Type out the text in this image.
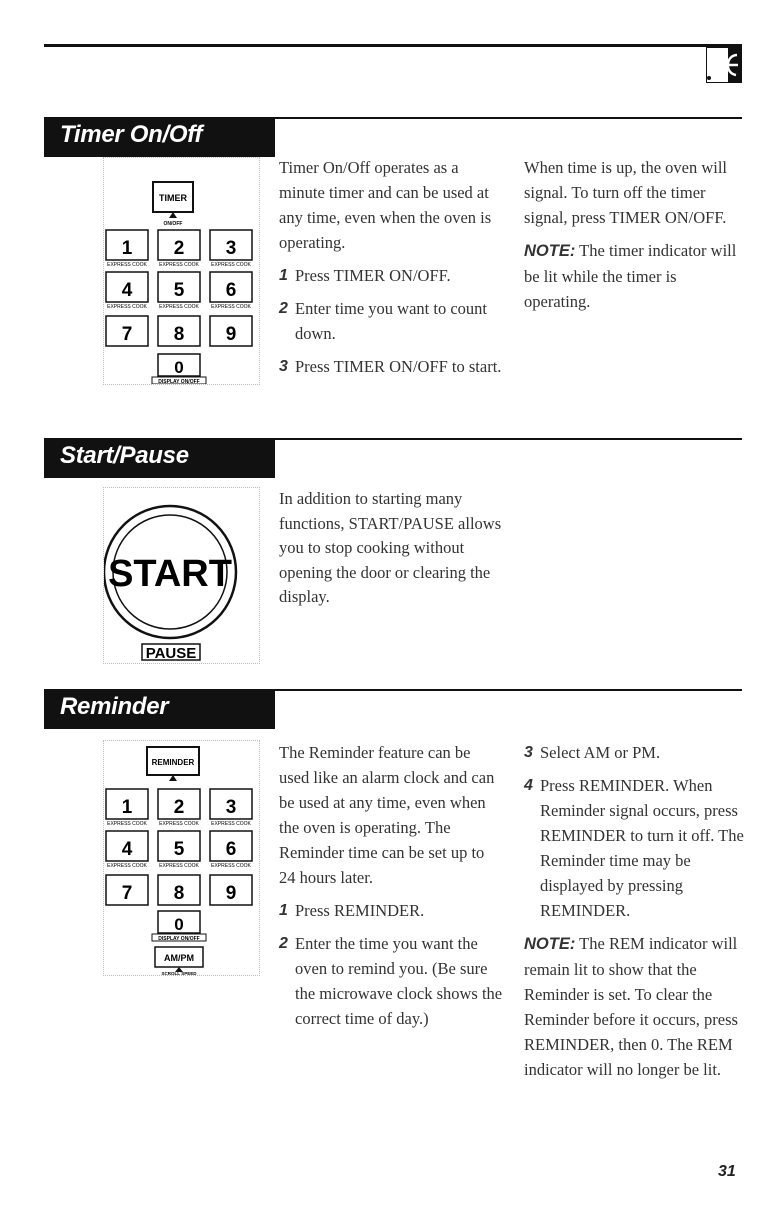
Timer On/Off
TIMER
ON/OFF
1
EXPRESS COOK
2
EXPRESS COOK
3
EXPRESS COOK
4
EXPRESS COOK
5
EXPRESS COOK
6
EXPRESS COOK
7 8 9
0
DISPLAY ON/OFF

Timer On/Off operates as a minute timer and can be used at any time, even when the oven is operating.

1 Press TIMER ON/OFF.
2 Enter time you want to count down.
3 Press TIMER ON/OFF to start.

When time is up, the oven will signal. To turn off the timer signal, press TIMER ON/OFF.

NOTE: The timer indicator will be lit while the timer is operating.

Start/Pause
START
PAUSE
In addition to starting many functions, START/PAUSE allows you to stop cooking without opening the door or clearing the display.
Reminder
REMINDER
1
EXPRESS COOK
2
EXPRESS COOK
3
EXPRESS COOK
4
EXPRESS COOK
5
EXPRESS COOK
6
EXPRESS COOK
7 8 9
0
DISPLAY ON/OFF
AM/PM
SCROLL SPEED

The Reminder feature can be used like an alarm clock and can be used at any time, even when the oven is operating. The Reminder time can be set up to 24 hours later.

1 Press REMINDER.
2 Enter the time you want the oven to remind you. (Be sure the microwave clock shows the correct time of day.)
3 Select AM or PM.
4 Press REMINDER. When Reminder signal occurs, press REMINDER to turn it off. The Reminder time may be displayed by pressing REMINDER.

NOTE: The REM indicator will remain lit to show that the Reminder is set. To clear the Reminder before it occurs, press REMINDER, then 0. The REM indicator will no longer be lit.

31
